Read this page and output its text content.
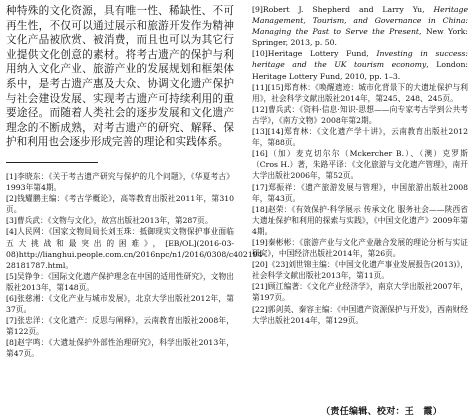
种特殊的文化资源，具有唯一性、稀缺性、不可再生性，不仅可以通过展示和旅游开发作为精神文化产品被欣赏、被消费，而且也可以为其它行业提供文化创意的素材。将考古遗产的保护与利用纳入文化产业、旅游产业的发展规划和框架体系中，是考古遗产惠及大众、协调文化遗产保护与社会建设发展、实现考古遗产可持续利用的重要途径。而随着人类社会的逐步发展和文化遗产理念的不断成熟，对考古遗产的研究、解释、保护和利用也会逐步形成完善的理论和实践体系。

[1]李晓东：《关于考古遗产研究与保护的几个问题》，《华夏考古》1993年第4期。
[2]钱耀鹏主编：《考古学概论》，高等教育出版社2011年，第310页。
[3]曹兵武：《文物与文化》，故宫出版社2013年，第287页。
[4]人民网：《国家文物局局长刘玉珠：抵御现实文物保护事业面临五大挑战和最突出的困难》，[EB/OL](2016-03-08)http://lianghui.people.com.cn/2016npc/n1/2016/0308/c402194-28181787.html。
[5]吴铮争：《国际文化遗产保护理念在中国的适用性研究》，文物出版社2013年，第148页。
[6]张慈湘：《文化产业与城市发展》，北京大学出版社2012年，第37页。
[7]张忠洋：《文化遗产：反思与阐释》，云南教育出版社2008年，第122页。
[8]赵字鸣：《大遗址保护外部性治理研究》，科学出版社2013年，第47页。
[9]Robert J. Shepherd and Larry Yu, Heritage Management, Tourism, and Governance in China: Managing the Past to Serve the Present, New York: Springer, 2013, p. 50.
[10]Heritage Lottery Fund, Investing in success: heritage and the UK tourism economy, London: Heritage Lottery Fund, 2010, pp. 1–3.
[11][15]郑育林：《唤醒遗迹：城市化背景下的大遗址保护与利用》，社会科学文献出版社2014年，第245、248、245页。
[12]曹兵武：《资料·信息·知识·思想——向专家考古学到公共考古学》，《南方文物》2008年第2期。
[13][14]郑育林：《文化遗产学十讲》，云南教育出版社2012年，第88页。
[16]（加）麦克切尔尔（Mckercher B.）、（澳）克罗斯（Cros H.）著，朱路平译：《文化旅游与文化遗产管理》，南开大学出版社2006年，第52页。
[17]郑振祥：《遗产旅游发展与管理》，中国旅游出版社2008年，第43页。
[18]赵荣：《有效保护·科学展示 传承文化 服务社会——陕西省大遗址保护和利用的探索与实践》，《中国文化遗产》2009年第4期。
[19]秦彬彬：《旅游产业与文化产业融合发展的理论分析与实证研究》，中国经济出版社2014年，第26页。
[20]《23]刘世锦主编：《中国文化遗产事业发展报告(2013)》，社会科学文献出版社2013年，第11页。
[21]顾江编著：《文化产业经济学》，南京大学出版社2007年，第197页。
[22]郭剑英、秦容主编：《中国遗产资源保护与开发》，西南财经大学出版社2014年，第129页。
（责任编辑、校对：王　霞）
